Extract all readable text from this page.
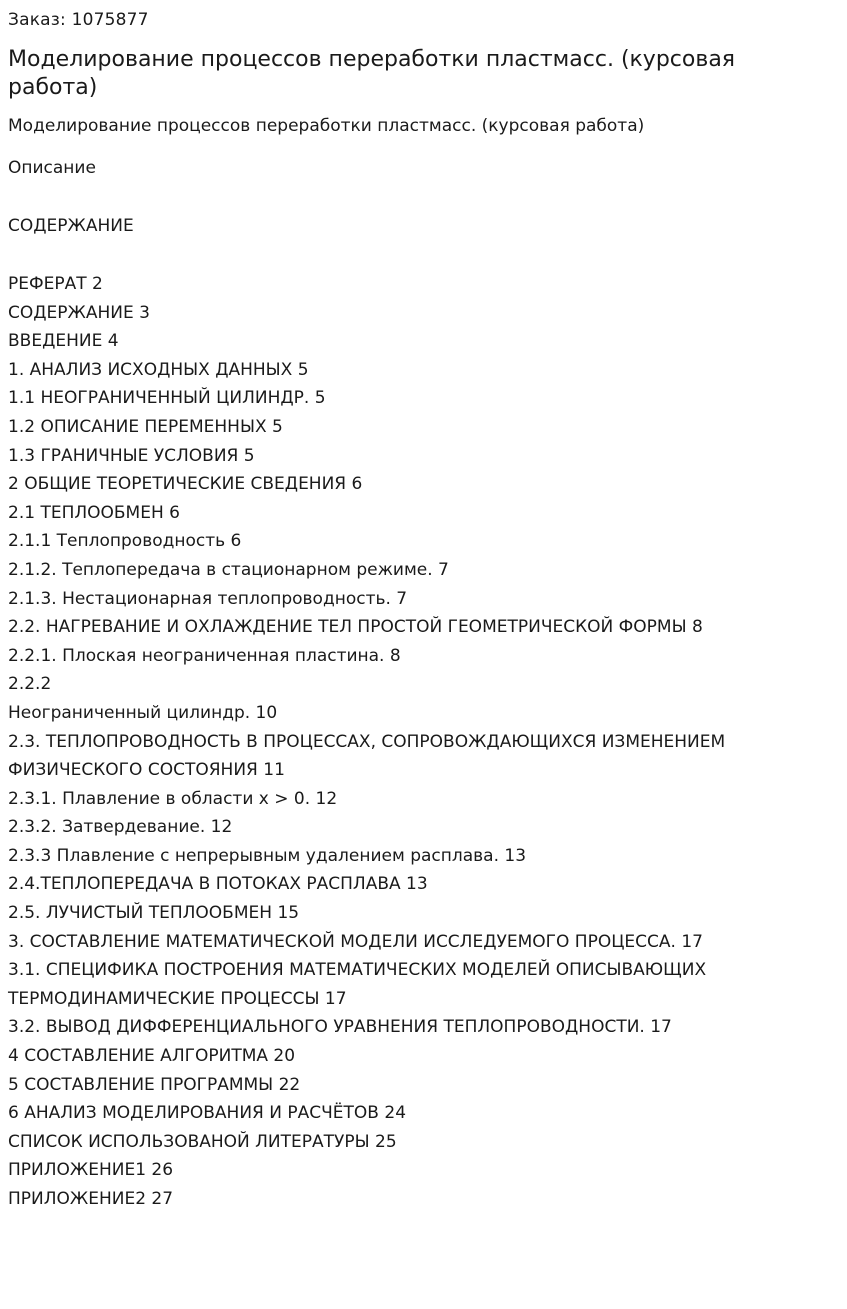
Заказ: 1075877
Моделирование процессов переработки пластмасс. (курсовая работа)
Моделирование процессов переработки пластмасс. (курсовая работа)
Описание
СОДЕРЖАНИЕ
РЕФЕРАТ 2
СОДЕРЖАНИЕ 3
ВВЕДЕНИЕ 4
1. АНАЛИЗ ИСХОДНЫХ ДАННЫХ 5
1.1 НЕОГРАНИЧЕННЫЙ ЦИЛИНДР. 5
1.2 ОПИСАНИЕ ПЕРЕМЕННЫХ 5
1.3 ГРАНИЧНЫЕ УСЛОВИЯ 5
2 ОБЩИЕ ТЕОРЕТИЧЕСКИЕ СВЕДЕНИЯ 6
2.1 ТЕПЛООБМЕН 6
2.1.1 Теплопроводность 6
2.1.2. Теплопередача в стационарном режиме. 7
2.1.3. Нестационарная теплопроводность. 7
2.2. НАГРЕВАНИЕ И ОХЛАЖДЕНИЕ ТЕЛ ПРОСТОЙ ГЕОМЕТРИЧЕСКОЙ ФОРМЫ 8
2.2.1. Плоская неограниченная пластина. 8
2.2.2
Неограниченный цилиндр. 10
2.3. ТЕПЛОПРОВОДНОСТЬ В ПРОЦЕССАХ, СОПРОВОЖДАЮЩИХСЯ ИЗМЕНЕНИЕМ
ФИЗИЧЕСКОГО СОСТОЯНИЯ 11
2.3.1. Плавление в области x > 0. 12
2.3.2. Затвердевание. 12
2.3.3 Плавление с непрерывным удалением расплава. 13
2.4.ТЕПЛОПЕРЕДАЧА В ПОТОКАХ РАСПЛАВА 13
2.5. ЛУЧИСТЫЙ ТЕПЛООБМЕН 15
3. СОСТАВЛЕНИЕ МАТЕМАТИЧЕСКОЙ МОДЕЛИ ИССЛЕДУЕМОГО ПРОЦЕССА. 17
3.1. СПЕЦИФИКА ПОСТРОЕНИЯ МАТЕМАТИЧЕСКИХ МОДЕЛЕЙ ОПИСЫВАЮЩИХ
ТЕРМОДИНАМИЧЕСКИЕ ПРОЦЕССЫ 17
3.2. ВЫВОД ДИФФЕРЕНЦИАЛЬНОГО УРАВНЕНИЯ ТЕПЛОПРОВОДНОСТИ. 17
4 СОСТАВЛЕНИЕ АЛГОРИТМА 20
5 СОСТАВЛЕНИЕ ПРОГРАММЫ 22
6 АНАЛИЗ МОДЕЛИРОВАНИЯ И РАСЧЁТОВ 24
СПИСОК ИСПОЛЬЗОВАНОЙ ЛИТЕРАТУРЫ 25
ПРИЛОЖЕНИЕ1 26
ПРИЛОЖЕНИЕ2 27
